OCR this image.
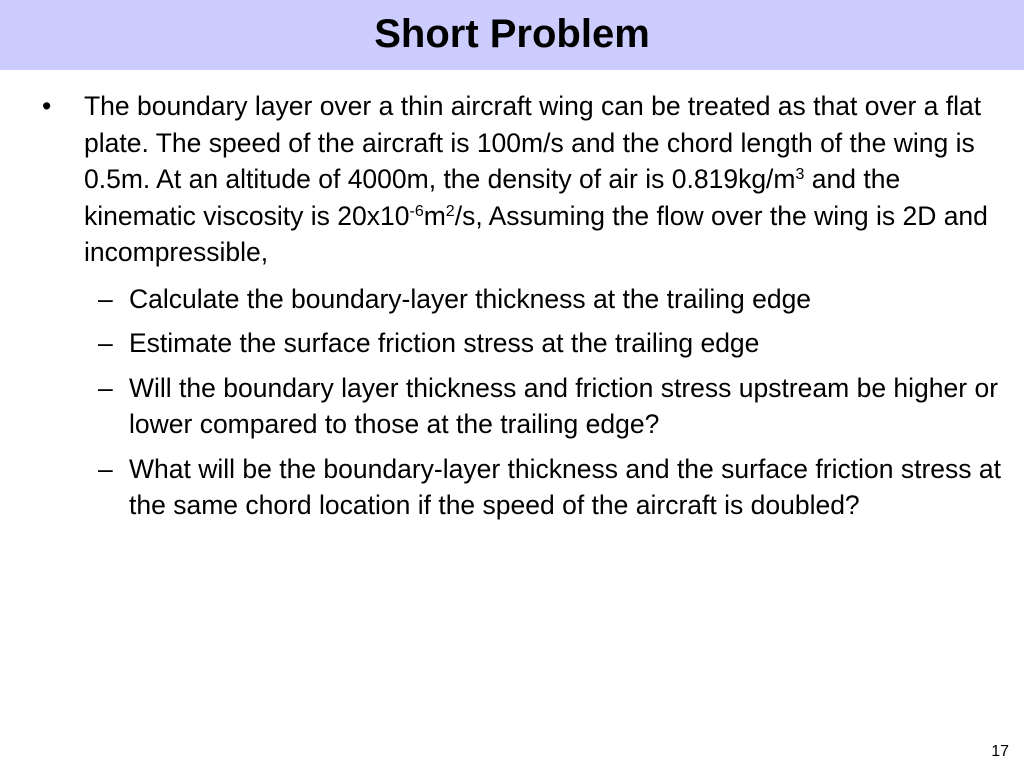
Short Problem
• The boundary layer over a thin aircraft wing can be treated as that over a flat plate. The speed of the aircraft is 100m/s and the chord length of the wing is 0.5m. At an altitude of 4000m, the density of air is $0.819kg/m^3$ and the kinematic viscosity is $20x10^{-6}m^2/s$, Assuming the flow over the wing is 2D and incompressible,
– Calculate the boundary-layer thickness at the trailing edge
– Estimate the surface friction stress at the trailing edge
– Will the boundary layer thickness and friction stress upstream be higher or lower compared to those at the trailing edge?
– What will be the boundary-layer thickness and the surface friction stress at the same chord location if the speed of the aircraft is doubled?
17
